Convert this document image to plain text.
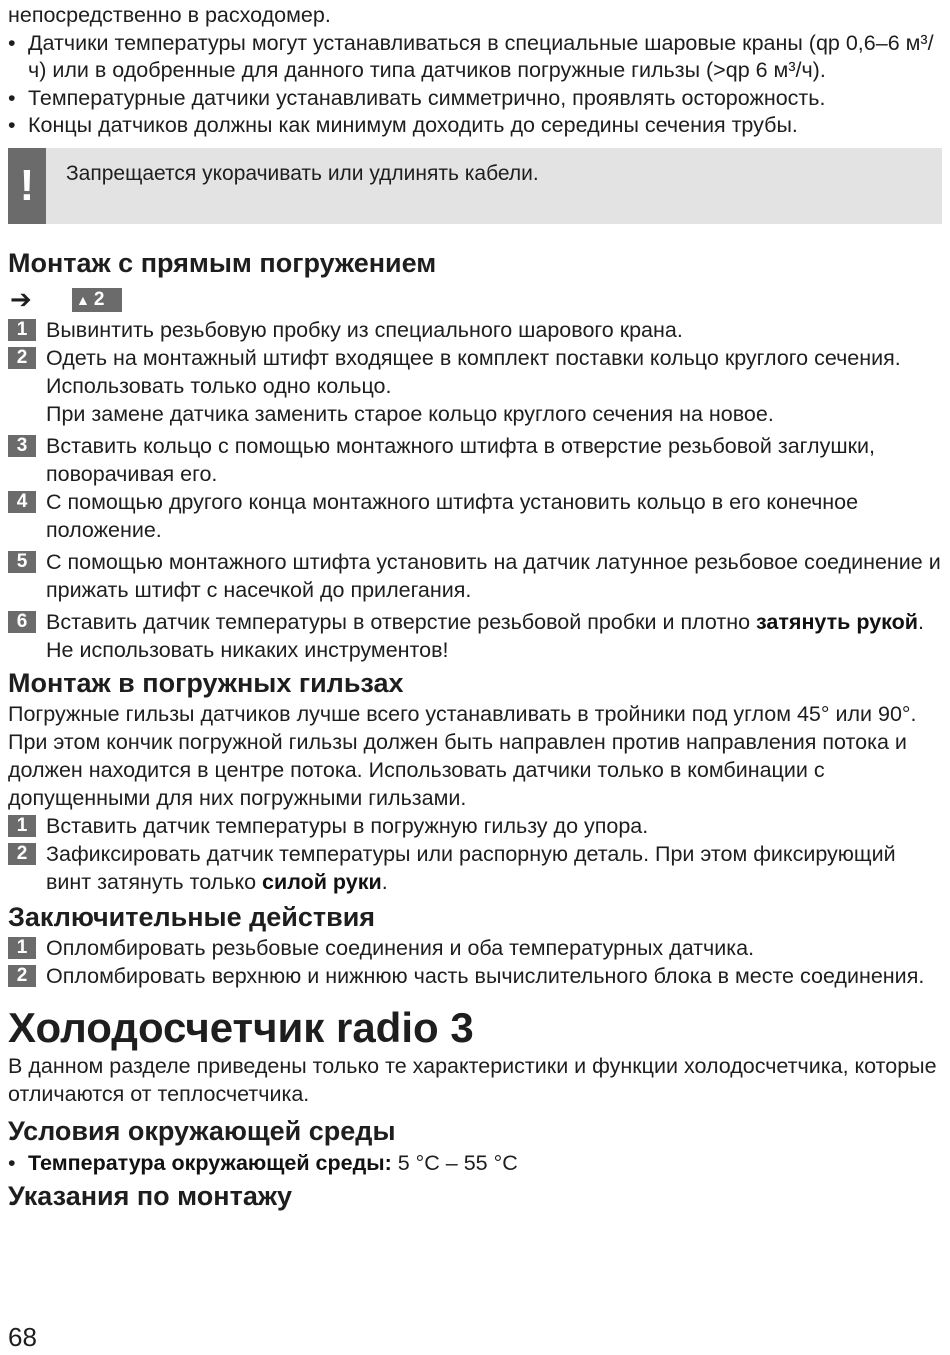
непосредственно в расходомер.
• Датчики температуры могут устанавливаться в специальные шаровые краны (qp 0,6–6 м³/ч) или в одобренные для данного типа датчиков погружные гильзы (>qp 6 м³/ч).
• Температурные датчики устанавливать симметрично, проявлять осторожность.
• Концы датчиков должны как минимум доходить до середины сечения трубы.
!	Запрещается укорачивать или удлинять кабели.
Монтаж с прямым погружением
➔	▲ 2
1 Вывинтить резьбовую пробку из специального шарового крана.
2 Одеть на монтажный штифт входящее в комплект поставки кольцо круглого сечения.
Использовать только одно кольцо.
При замене датчика заменить старое кольцо круглого сечения на новое.
3 Вставить кольцо с помощью монтажного штифта в отверстие резьбовой заглушки, поворачивая его.
4 С помощью другого конца монтажного штифта установить кольцо в его конечное положение.
5 С помощью монтажного штифта установить на датчик латунное резьбовое соединение и прижать штифт с насечкой до прилегания.
6 Вставить датчик температуры в отверстие резьбовой пробки и плотно затянуть рукой. Не использовать никаких инструментов!
Монтаж в погружных гильзах
Погружные гильзы датчиков лучше всего устанавливать в тройники под углом 45° или 90°. При этом кончик погружной гильзы должен быть направлен против направления потока и должен находится в центре потока. Использовать датчики только в комбинации с допущенными для них погружными гильзами.
1 Вставить датчик температуры в погружную гильзу до упора.
2 Зафиксировать датчик температуры или распорную деталь. При этом фиксирующий винт затянуть только силой руки.
Заключительные действия
1 Опломбировать резьбовые соединения и оба температурных датчика.
2 Опломбировать верхнюю и нижнюю часть вычислительного блока в месте соединения.
Холодосчетчик radio 3
В данном разделе приведены только те характеристики и функции холодосчетчика, которые отличаются от теплосчетчика.
Условия окружающей среды
• Температура окружающей среды: 5 °C – 55 °C
Указания по монтажу
68
